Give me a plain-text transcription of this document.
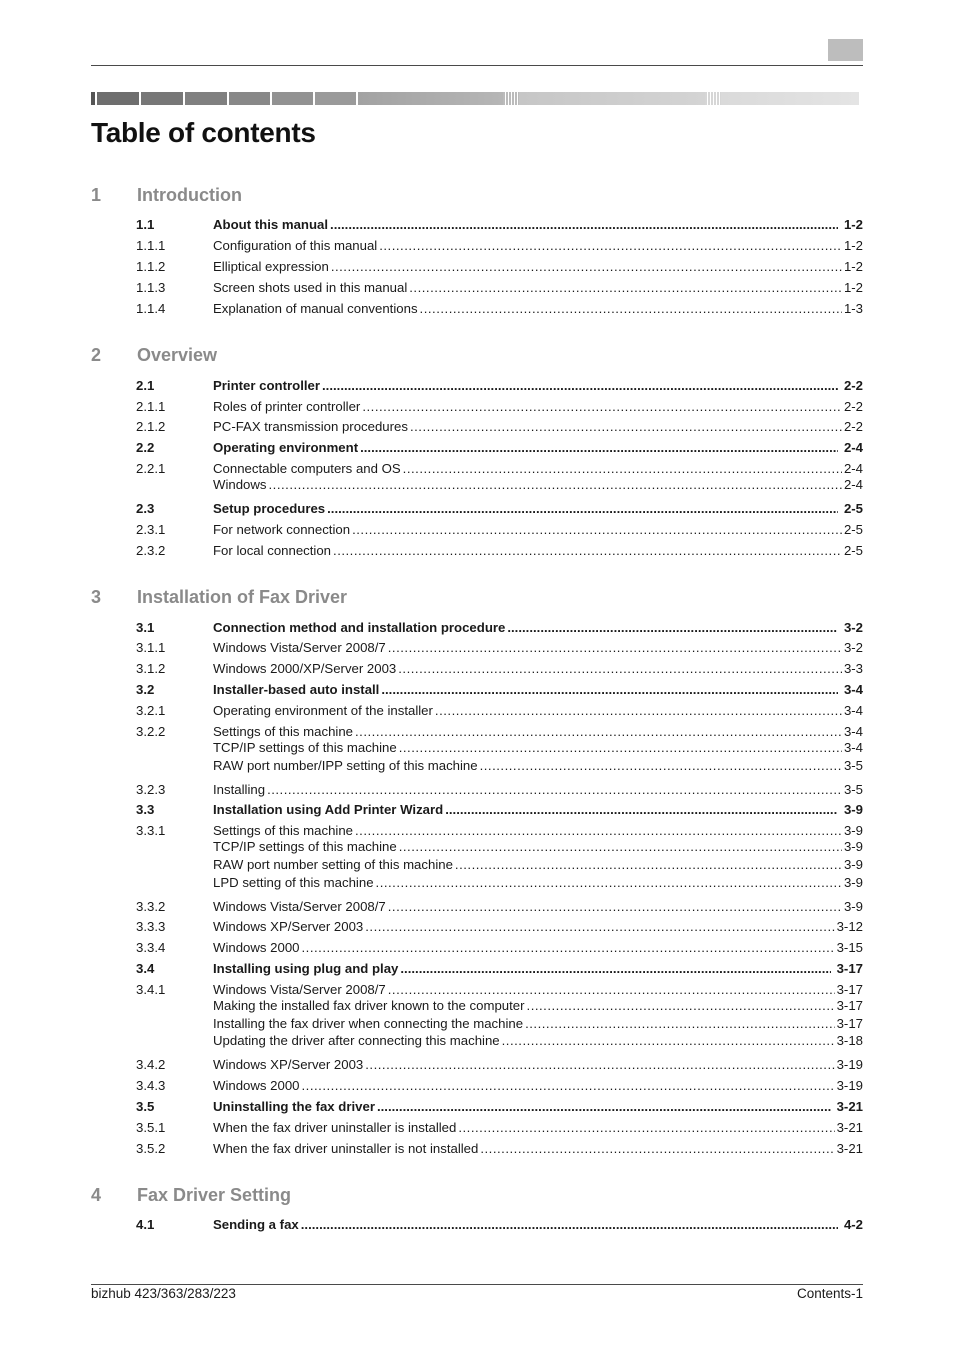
Table of contents
1 Introduction
1.1	About this manual .....	1-2
1.1.1	Configuration of this manual .....	1-2
1.1.2	Elliptical expression .....	1-2
1.1.3	Screen shots used in this manual .....	1-2
1.1.4	Explanation of manual conventions .....	1-3
2 Overview
2.1	Printer controller .....	2-2
2.1.1	Roles of printer controller .....	2-2
2.1.2	PC-FAX transmission procedures .....	2-2
2.2	Operating environment .....	2-4
2.2.1	Connectable computers and OS .....	2-4
Windows .....	2-4
2.3	Setup procedures .....	2-5
2.3.1	For network connection .....	2-5
2.3.2	For local connection .....	2-5
3 Installation of Fax Driver
3.1	Connection method and installation procedure .....	3-2
3.1.1	Windows Vista/Server 2008/7 .....	3-2
3.1.2	Windows 2000/XP/Server 2003 .....	3-3
3.2	Installer-based auto install .....	3-4
3.2.1	Operating environment of the installer .....	3-4
3.2.2	Settings of this machine .....	3-4
TCP/IP settings of this machine .....	3-4
RAW port number/IPP setting of this machine .....	3-5
3.2.3	Installing .....	3-5
3.3	Installation using Add Printer Wizard .....	3-9
3.3.1	Settings of this machine .....	3-9
TCP/IP settings of this machine .....	3-9
RAW port number setting of this machine .....	3-9
LPD setting of this machine .....	3-9
3.3.2	Windows Vista/Server 2008/7 .....	3-9
3.3.3	Windows XP/Server 2003 .....	3-12
3.3.4	Windows 2000 .....	3-15
3.4	Installing using plug and play .....	3-17
3.4.1	Windows Vista/Server 2008/7 .....	3-17
Making the installed fax driver known to the computer .....	3-17
Installing the fax driver when connecting the machine .....	3-17
Updating the driver after connecting this machine .....	3-18
3.4.2	Windows XP/Server 2003 .....	3-19
3.4.3	Windows 2000 .....	3-19
3.5	Uninstalling the fax driver .....	3-21
3.5.1	When the fax driver uninstaller is installed .....	3-21
3.5.2	When the fax driver uninstaller is not installed .....	3-21
4 Fax Driver Setting
4.1	Sending a fax .....	4-2
bizhub 423/363/283/223	Contents-1
